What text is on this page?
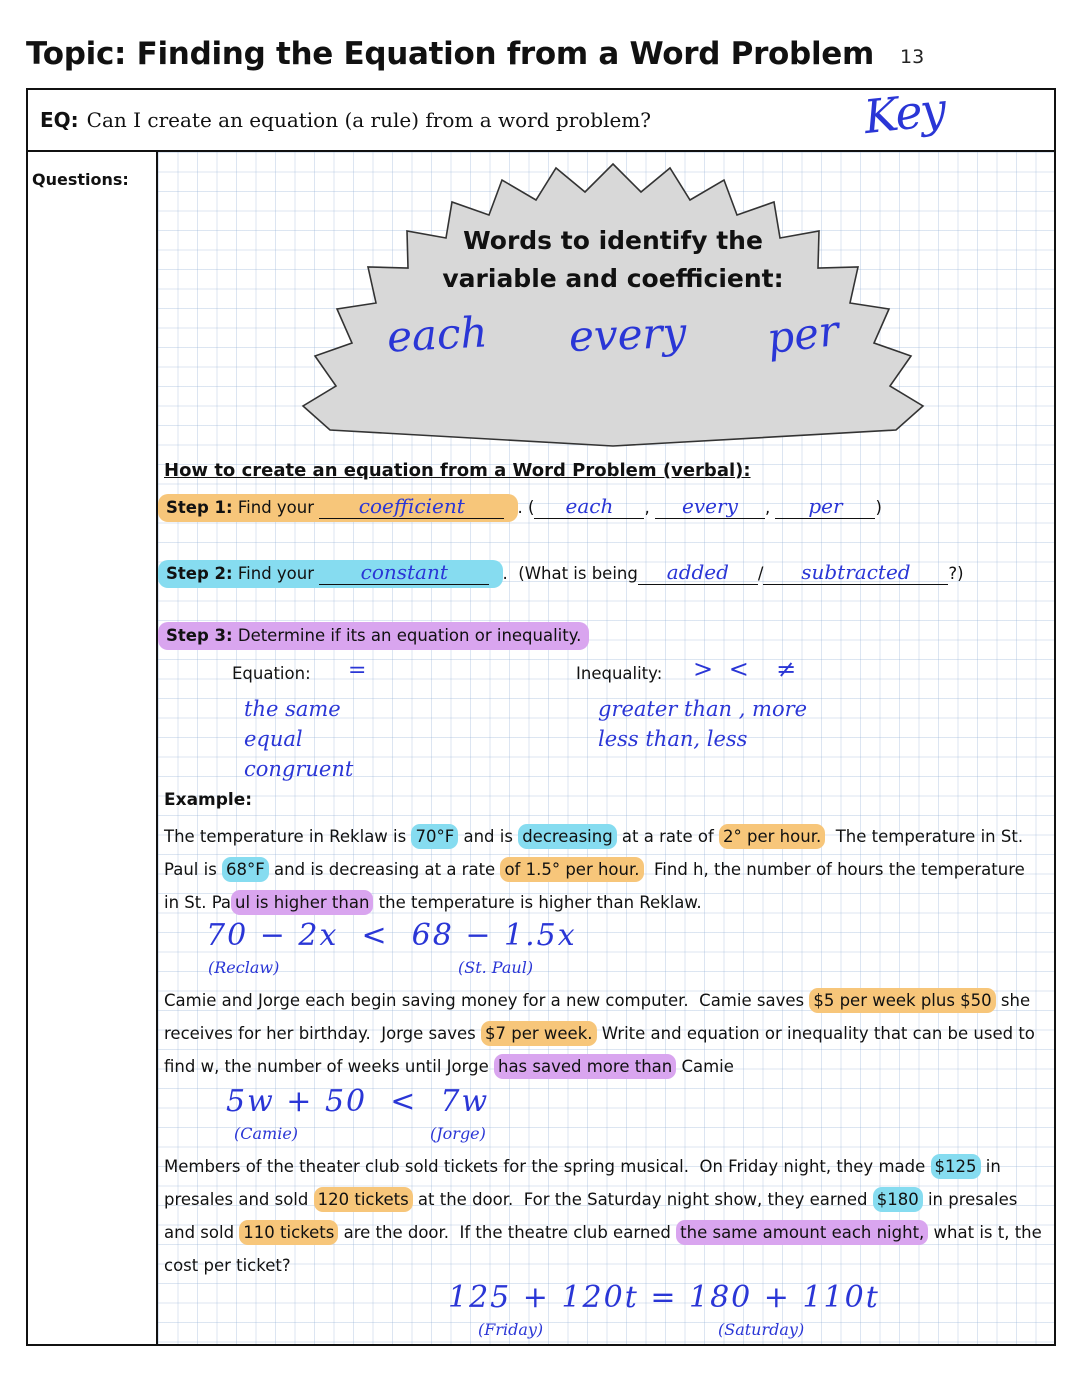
Topic: Finding the Equation from a Word Problem 13
EQ: Can I create an equation (a rule) from a word problem?	Key
Questions:
Words to identify the
variable and coefficient:
each every per
How to create an equation from a Word Problem (verbal):
Step 1: Find your coefficient	. ( each , every , per )
Step 2: Find your constant	.  (What is being added / subtracted ?)
Step 3: Determine if its an equation or inequality.
Equation: =	Inequality: > <  ≠
the same
equal
congruent
greater than , more
less than, less
Example:
The temperature in Reklaw is 70°F and is decreasing at a rate of 2° per hour.  The temperature in St. Paul is 68°F and is decreasing at a rate of 1.5° per hour.  Find h, the number of hours the temperature in St. Pa ul is higher than the temperature is higher than Reklaw.
70 − 2x  <  68 − 1.5x
(Reclaw)	(St. Paul)
Camie and Jorge each begin saving money for a new computer.  Camie saves $5 per week plus $50 she receives for her birthday.  Jorge saves $7 per week. Write and equation or inequality that can be used to find w, the number of weeks until Jorge has saved more than Camie
5w + 50  <  7w
(Camie)	(Jorge)
Members of the theater club sold tickets for the spring musical.  On Friday night, they made $125 in presales and sold 120 tickets at the door.  For the Saturday night show, they earned $180 in presales and sold 110 tickets are the door.  If the theatre club earned the same amount each night, what is t, the cost per ticket?
125 + 120t = 180 + 110t
(Friday)	(Saturday)
